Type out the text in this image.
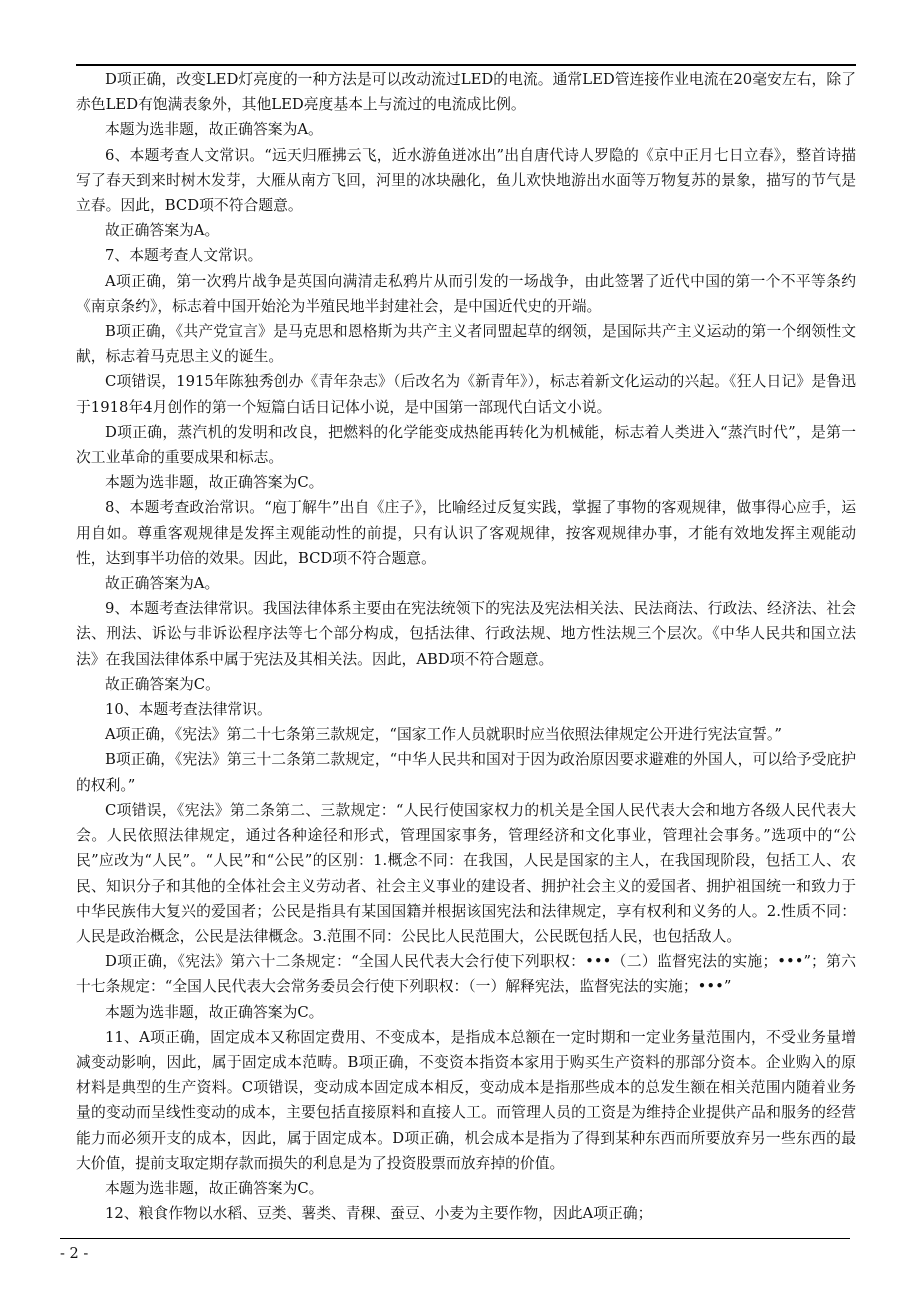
D项正确，改变LED灯亮度的一种方法是可以改动流过LED的电流。通常LED管连接作业电流在20毫安左右，除了赤色LED有饱满表象外，其他LED亮度基本上与流过的电流成比例。

本题为选非题，故正确答案为A。

6、本题考查人文常识。“远天归雁拂云飞，近水游鱼迸冰出”出自唐代诗人罗隐的《京中正月七日立春》，整首诗描写了春天到来时树木发芽，大雁从南方飞回，河里的冰块融化，鱼儿欢快地游出水面等万物复苏的景象，描写的节气是立春。因此，BCD项不符合题意。

故正确答案为A。

7、本题考查人文常识。

A项正确，第一次鸦片战争是英国向满清走私鸦片从而引发的一场战争，由此签署了近代中国的第一个不平等条约《南京条约》，标志着中国开始沦为半殖民地半封建社会，是中国近代史的开端。

B项正确，《共产党宣言》是马克思和恩格斯为共产主义者同盟起草的纲领，是国际共产主义运动的第一个纲领性文献，标志着马克思主义的诞生。

C项错误，1915年陈独秀创办《青年杂志》（后改名为《新青年》），标志着新文化运动的兴起。《狂人日记》是鲁迅于1918年4月创作的第一个短篇白话日记体小说，是中国第一部现代白话文小说。

D项正确，蒸汽机的发明和改良，把燃料的化学能变成热能再转化为机械能，标志着人类进入“蒸汽时代”，是第一次工业革命的重要成果和标志。

本题为选非题，故正确答案为C。

8、本题考查政治常识。“庖丁解牛”出自《庄子》，比喻经过反复实践，掌握了事物的客观规律，做事得心应手，运用自如。尊重客观规律是发挥主观能动性的前提，只有认识了客观规律，按客观规律办事，才能有效地发挥主观能动性，达到事半功倍的效果。因此，BCD项不符合题意。

故正确答案为A。

9、本题考查法律常识。我国法律体系主要由在宪法统领下的宪法及宪法相关法、民法商法、行政法、经济法、社会法、刑法、诉讼与非诉讼程序法等七个部分构成，包括法律、行政法规、地方性法规三个层次。《中华人民共和国立法法》在我国法律体系中属于宪法及其相关法。因此，ABD项不符合题意。

故正确答案为C。

10、本题考查法律常识。

A项正确，《宪法》第二十七条第三款规定，“国家工作人员就职时应当依照法律规定公开进行宪法宣誓。”

B项正确，《宪法》第三十二条第二款规定，“中华人民共和国对于因为政治原因要求避难的外国人，可以给予受庇护的权利。”

C项错误，《宪法》第二条第二、三款规定：“人民行使国家权力的机关是全国人民代表大会和地方各级人民代表大会。人民依照法律规定，通过各种途径和形式，管理国家事务，管理经济和文化事业，管理社会事务。”选项中的“公民”应改为“人民”。“人民”和“公民”的区别：1.概念不同：在我国，人民是国家的主人，在我国现阶段，包括工人、农民、知识分子和其他的全体社会主义劳动者、社会主义事业的建设者、拥护社会主义的爱国者、拥护祖国统一和致力于中华民族伟大复兴的爱国者；公民是指具有某国国籍并根据该国宪法和法律规定，享有权利和义务的人。2.性质不同：人民是政治概念，公民是法律概念。3.范围不同：公民比人民范围大，公民既包括人民，也包括敌人。

D项正确，《宪法》第六十二条规定：“全国人民代表大会行使下列职权：•••（二）监督宪法的实施；•••”；第六十七条规定：“全国人民代表大会常务委员会行使下列职权：（一）解释宪法，监督宪法的实施；•••”

本题为选非题，故正确答案为C。

11、A项正确，固定成本又称固定费用、不变成本，是指成本总额在一定时期和一定业务量范围内，不受业务量增减变动影响，因此，属于固定成本范畴。B项正确，不变资本指资本家用于购买生产资料的那部分资本。企业购入的原材料是典型的生产资料。C项错误，变动成本固定成本相反，变动成本是指那些成本的总发生额在相关范围内随着业务量的变动而呈线性变动的成本，主要包括直接原料和直接人工。而管理人员的工资是为维持企业提供产品和服务的经营能力而必须开支的成本，因此，属于固定成本。D项正确，机会成本是指为了得到某种东西而所要放弃另一些东西的最大价值，提前支取定期存款而损失的利息是为了投资股票而放弃掉的价值。

本题为选非题，故正确答案为C。

12、粮食作物以水稻、豆类、薯类、青稞、蚕豆、小麦为主要作物，因此A项正确；

- 2 -
